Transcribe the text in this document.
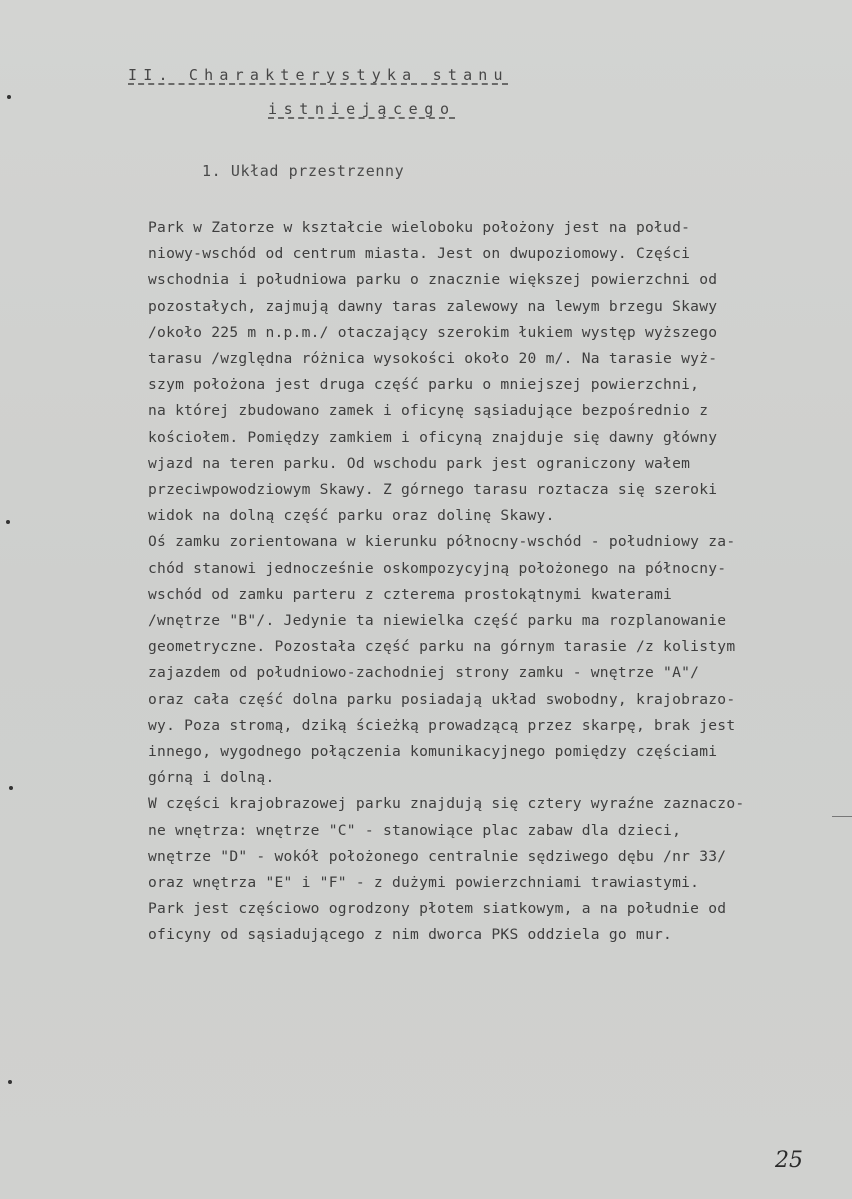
II. Charakterystyka stanu
istniejącego
1. Układ przestrzenny
Park w Zatorze w kształcie wieloboku położony jest na połud-
niowy-wschód od centrum miasta. Jest on dwupoziomowy. Części
wschodnia i południowa parku o znacznie większej powierzchni od
pozostałych, zajmują dawny taras zalewowy na lewym brzegu Skawy
/około 225 m n.p.m./ otaczający szerokim łukiem występ wyższego
tarasu /względna różnica wysokości około 20 m/. Na tarasie wyż-
szym położona jest druga część parku o mniejszej powierzchni,
na której zbudowano zamek i oficynę sąsiadujące bezpośrednio z
kościołem. Pomiędzy zamkiem i oficyną znajduje się dawny główny
wjazd na teren parku. Od wschodu park jest ograniczony wałem
przeciwpowodziowym Skawy. Z górnego tarasu roztacza się szeroki
widok na dolną część parku oraz dolinę Skawy.
Oś zamku zorientowana w kierunku północny-wschód - południowy za-
chód stanowi jednocześnie oskompozycyjną położonego na północny-
wschód od zamku parteru z czterema prostokątnymi kwaterami
/wnętrze "B"/. Jedynie ta niewielka część parku ma rozplanowanie
geometryczne. Pozostała część parku na górnym tarasie /z kolistym
zajazdem od południowo-zachodniej strony zamku - wnętrze "A"/
oraz cała część dolna parku posiadają układ swobodny, krajobrazo-
wy. Poza stromą, dziką ścieżką prowadzącą przez skarpę, brak jest
innego, wygodnego połączenia komunikacyjnego pomiędzy częściami
górną i dolną.
W części krajobrazowej parku znajdują się cztery wyraźne zaznaczo-
ne wnętrza: wnętrze "C" - stanowiące plac zabaw dla dzieci,
wnętrze "D" - wokół położonego centralnie sędziwego dębu /nr 33/
oraz wnętrza "E" i "F" - z dużymi powierzchniami trawiastymi.
Park jest częściowo ogrodzony płotem siatkowym, a na południe od
oficyny od sąsiadującego z nim dworca PKS oddziela go mur.
25
